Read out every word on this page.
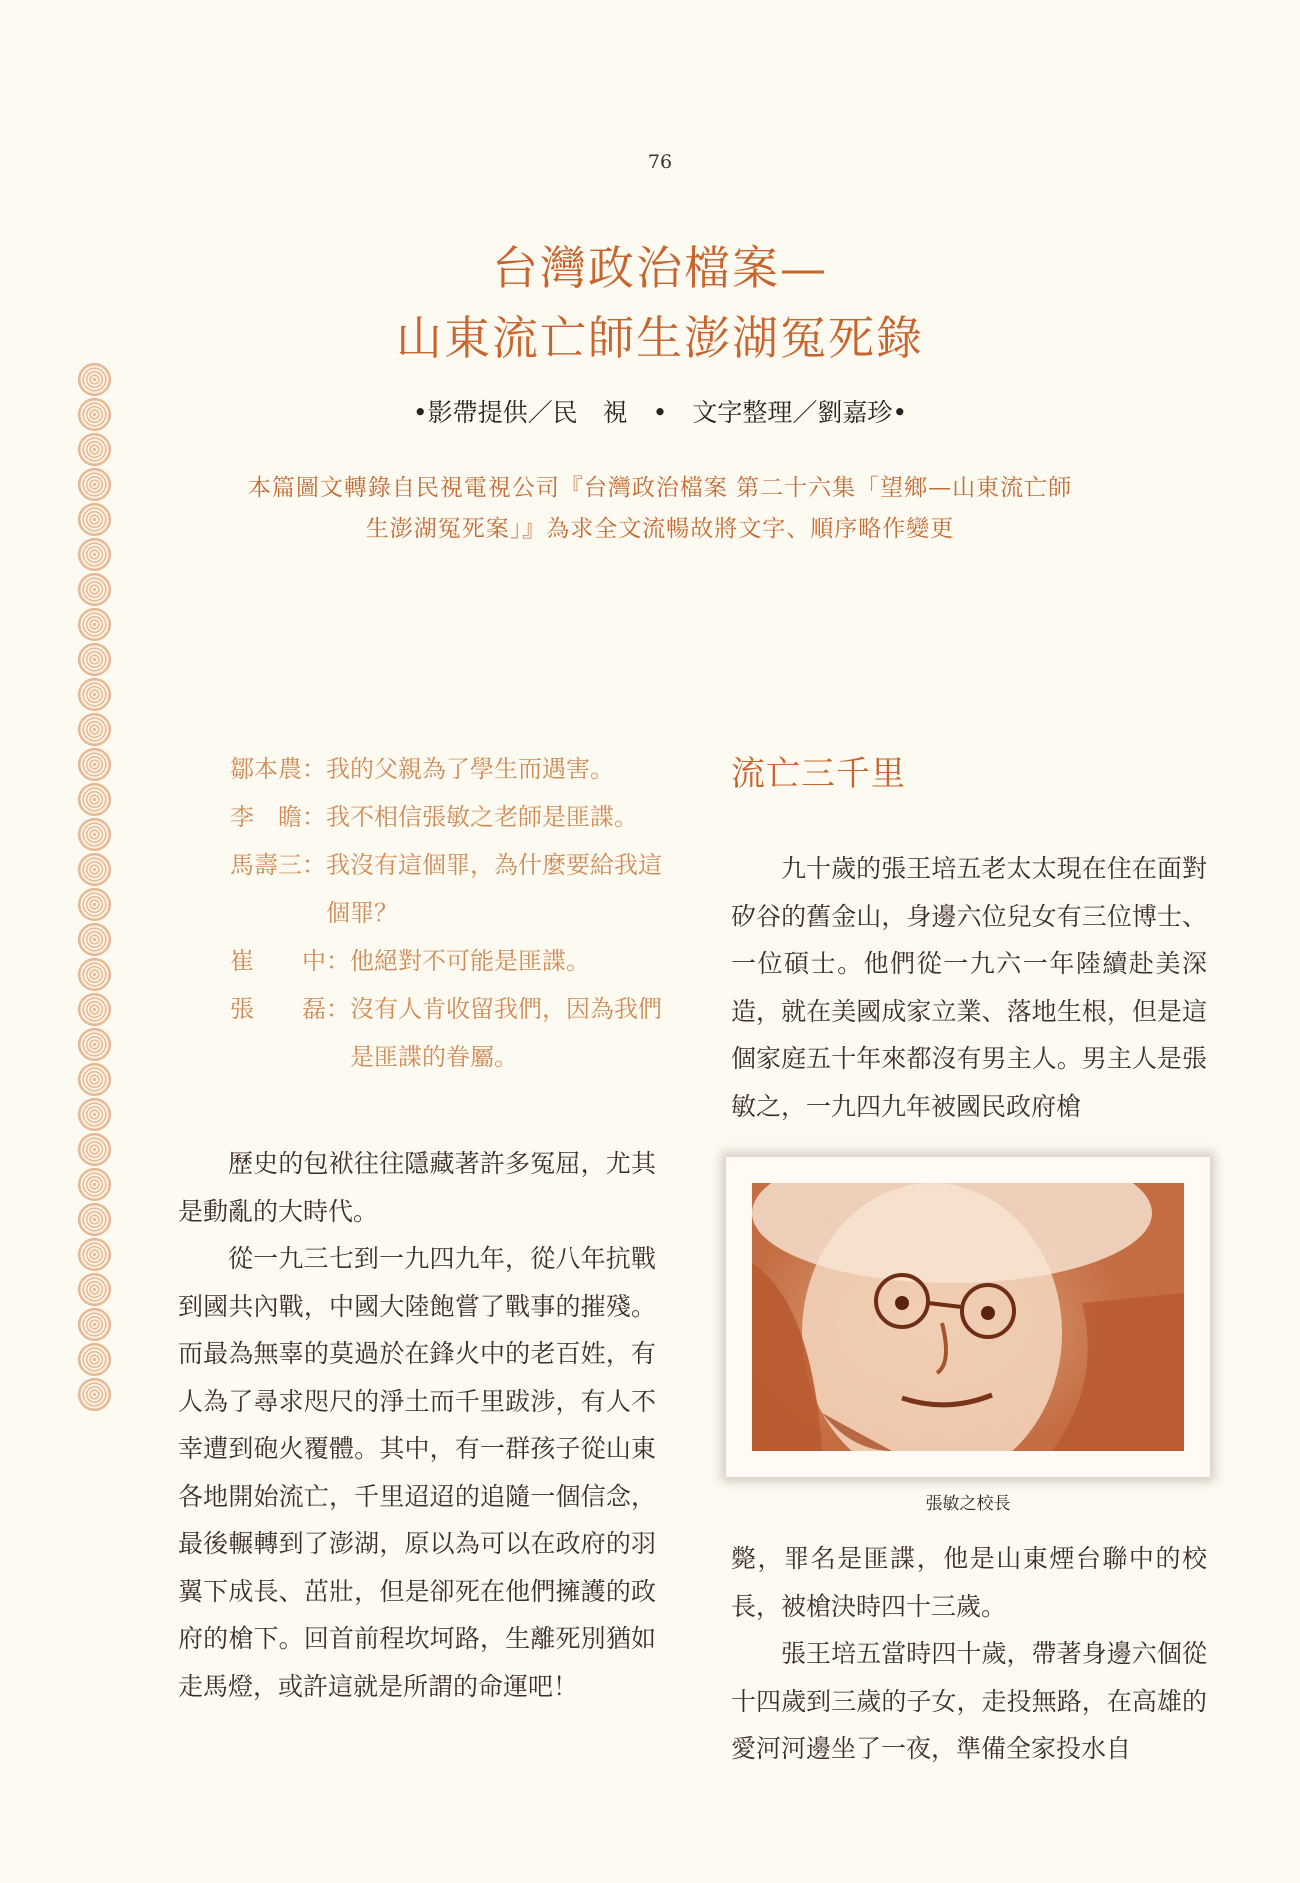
76
台灣政治檔案—
山東流亡師生澎湖冤死錄
•影帶提供／民　視　•　文字整理／劉嘉珍•
本篇圖文轉錄自民視電視公司『台灣政治檔案 第二十六集「望鄉—山東流亡師
生澎湖冤死案」』為求全文流暢故將文字、順序略作變更
鄒本農： 我的父親為了學生而遇害。
李　瞻： 我不相信張敏之老師是匪諜。
馬壽三： 我沒有這個罪，為什麼要給我這個罪？
崔　　中： 他絕對不可能是匪諜。
張　　磊： 沒有人肯收留我們，因為我們是匪諜的眷屬。

歷史的包袱往往隱藏著許多冤屈，尤其是動亂的大時代。

從一九三七到一九四九年，從八年抗戰到國共內戰，中國大陸飽嘗了戰事的摧殘。而最為無辜的莫過於在鋒火中的老百姓，有人為了尋求咫尺的淨土而千里跋涉，有人不幸遭到砲火覆體。其中，有一群孩子從山東各地開始流亡，千里迢迢的追隨一個信念，最後輾轉到了澎湖，原以為可以在政府的羽翼下成長、茁壯，但是卻死在他們擁護的政府的槍下。回首前程坎坷路，生離死別猶如走馬燈，或許這就是所謂的命運吧！

流亡三千里

九十歲的張王培五老太太現在住在面對矽谷的舊金山，身邊六位兒女有三位博士、一位碩士。他們從一九六一年陸續赴美深造，就在美國成家立業、落地生根，但是這個家庭五十年來都沒有男主人。男主人是張敏之，一九四九年被國民政府槍

張敏之校長

斃，罪名是匪諜，他是山東煙台聯中的校長，被槍決時四十三歲。

張王培五當時四十歲，帶著身邊六個從十四歲到三歲的子女，走投無路，在高雄的愛河河邊坐了一夜，準備全家投水自
